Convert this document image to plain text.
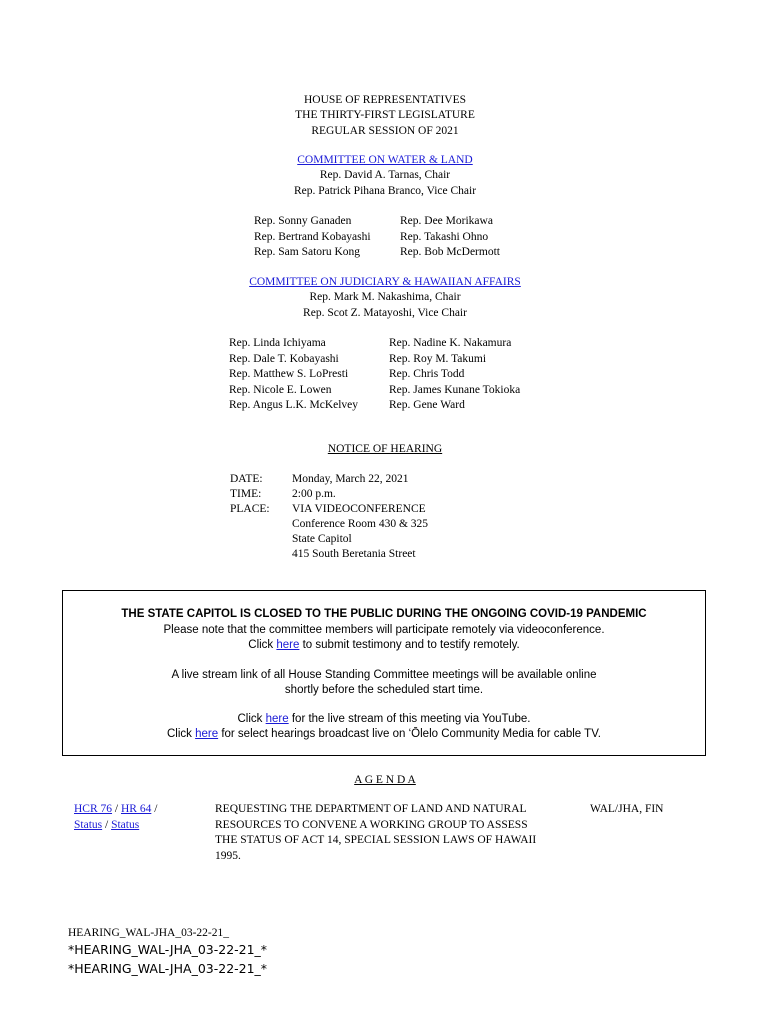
HOUSE OF REPRESENTATIVES
THE THIRTY-FIRST LEGISLATURE
REGULAR SESSION OF 2021
COMMITTEE ON WATER & LAND
Rep. David A. Tarnas, Chair
Rep. Patrick Pihana Branco, Vice Chair
Rep. Sonny Ganaden
Rep. Bertrand Kobayashi
Rep. Sam Satoru Kong
Rep. Dee Morikawa
Rep. Takashi Ohno
Rep. Bob McDermott
COMMITTEE ON JUDICIARY & HAWAIIAN AFFAIRS
Rep. Mark M. Nakashima, Chair
Rep. Scot Z. Matayoshi, Vice Chair
Rep. Linda Ichiyama
Rep. Dale T. Kobayashi
Rep. Matthew S. LoPresti
Rep. Nicole E. Lowen
Rep. Angus L.K. McKelvey
Rep. Nadine K. Nakamura
Rep. Roy M. Takumi
Rep. Chris Todd
Rep. James Kunane Tokioka
Rep. Gene Ward
NOTICE OF HEARING
DATE:	Monday, March 22, 2021
TIME:	2:00 p.m.
PLACE: VIA VIDEOCONFERENCE
Conference Room 430 & 325
State Capitol
415 South Beretania Street
THE STATE CAPITOL IS CLOSED TO THE PUBLIC DURING THE ONGOING COVID-19 PANDEMIC
Please note that the committee members will participate remotely via videoconference.
Click here to submit testimony and to testify remotely.
A live stream link of all House Standing Committee meetings will be available online
shortly before the scheduled start time.
Click here for the live stream of this meeting via YouTube.
Click here for select hearings broadcast live on ‘Ōlelo Community Media for cable TV.
A G E N D A
HCR 76 / HR 64 /
Status / Status
REQUESTING THE DEPARTMENT OF LAND AND NATURAL
RESOURCES TO CONVENE A WORKING GROUP TO ASSESS
THE STATUS OF ACT 14, SPECIAL SESSION LAWS OF HAWAII
1995.
WAL/JHA, FIN
HEARING_WAL-JHA_03-22-21_
*HEARING_WAL-JHA_03-22-21_*
*HEARING_WAL-JHA_03-22-21_*
